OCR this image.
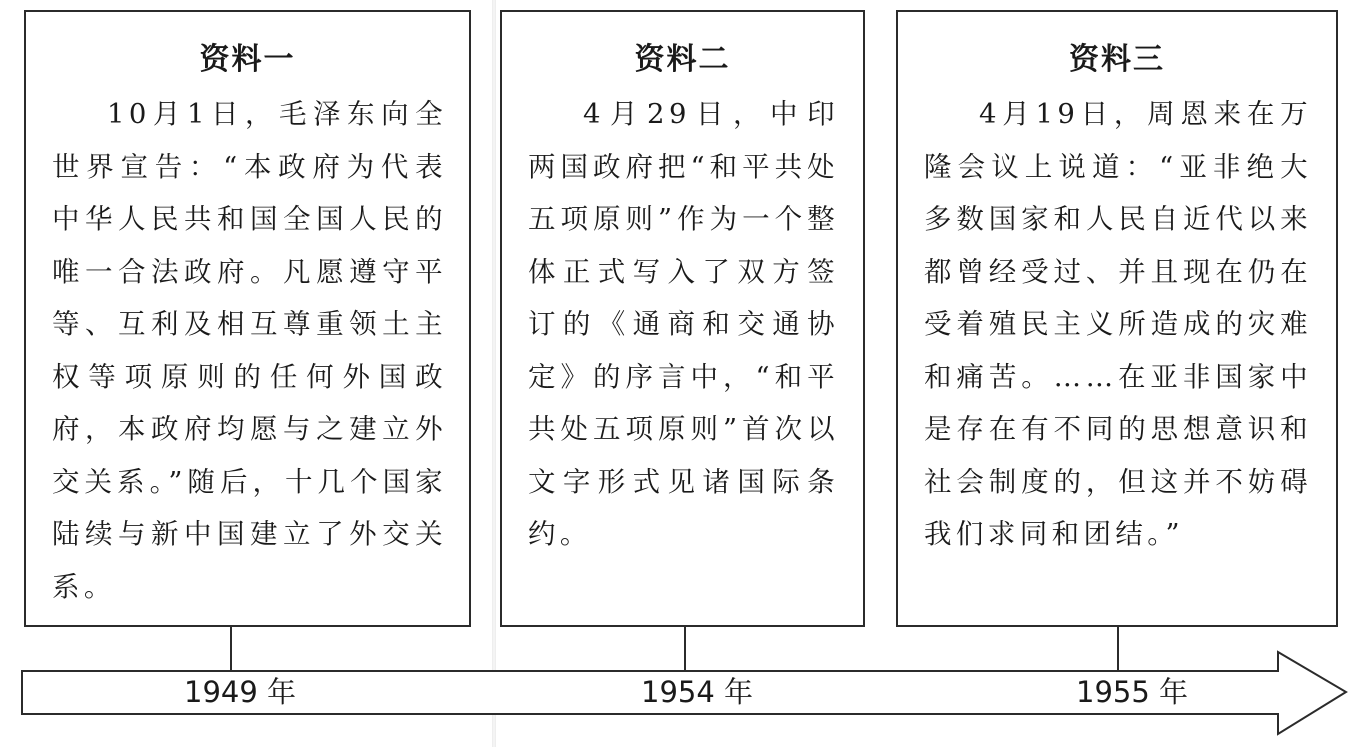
资料一
10月1日，毛泽东向全世界宣告：“本政府为代表中华人民共和国全国人民的唯一合法政府。凡愿遵守平等、互利及相互尊重领土主权等项原则的任何外国政府，本政府均愿与之建立外交关系。”随后，十几个国家陆续与新中国建立了外交关系。
资料二
4月29日，中印两国政府把“和平共处五项原则”作为一个整体正式写入了双方签订的《通商和交通协定》的序言中，“和平共处五项原则”首次以文字形式见诸国际条约。
资料三
4月19日，周恩来在万隆会议上说道：“亚非绝大多数国家和人民自近代以来都曾经受过、并且现在仍在受着殖民主义所造成的灾难和痛苦。……在亚非国家中是存在有不同的思想意识和社会制度的，但这并不妨碍我们求同和团结。”
1949 年	1954 年	1955 年
